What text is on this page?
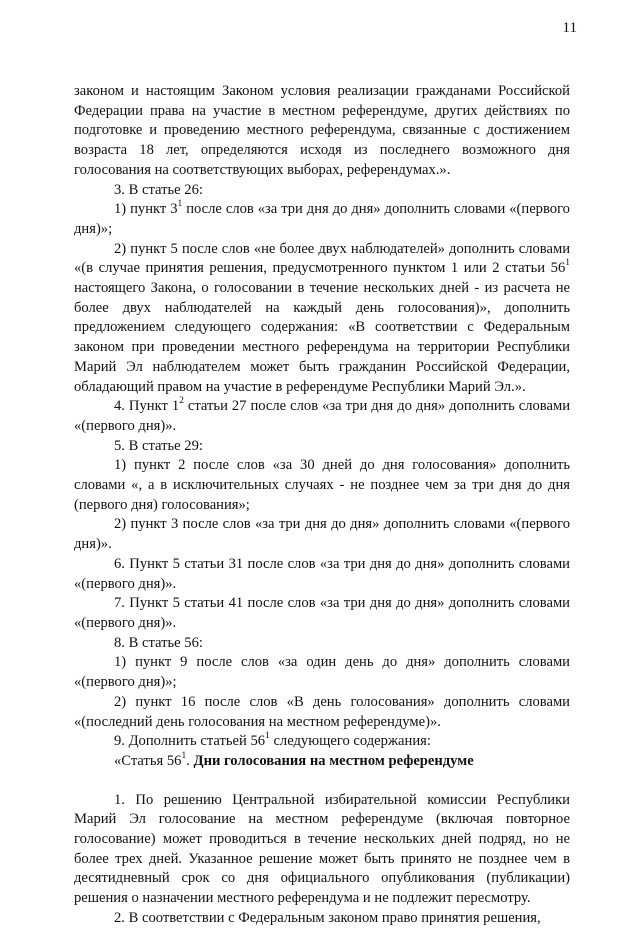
11

законом и настоящим Законом условия реализации гражданами Российской Федерации права на участие в местном референдуме, других действиях по подготовке и проведению местного референдума, связанные с достижением возраста 18 лет, определяются исходя из последнего возможного дня голосования на соответствующих выборах, референдумах.».

3. В статье 26:

1) пункт $3^1$ после слов «за три дня до дня» дополнить словами «(первого дня)»;

2) пункт 5 после слов «не более двух наблюдателей» дополнить словами «(в случае принятия решения, предусмотренного пунктом 1 или 2 статьи $56^1$ настоящего Закона, о голосовании в течение нескольких дней - из расчета не более двух наблюдателей на каждый день голосования)», дополнить предложением следующего содержания: «В соответствии с Федеральным законом при проведении местного референдума на территории Республики Марий Эл наблюдателем может быть гражданин Российской Федерации, обладающий правом на участие в референдуме Республики Марий Эл.».

4. Пункт $1^2$ статьи 27 после слов «за три дня до дня» дополнить словами «(первого дня)».

5. В статье 29:

1) пункт 2 после слов «за 30 дней до дня голосования» дополнить словами «, а в исключительных случаях - не позднее чем за три дня до дня (первого дня) голосования»;

2) пункт 3 после слов «за три дня до дня» дополнить словами «(первого дня)».

6. Пункт 5 статьи 31 после слов «за три дня до дня» дополнить словами «(первого дня)».

7. Пункт 5 статьи 41 после слов «за три дня до дня» дополнить словами «(первого дня)».

8. В статье 56:

1) пункт 9 после слов «за один день до дня» дополнить словами «(первого дня)»;

2) пункт 16 после слов «В день голосования» дополнить словами «(последний день голосования на местном референдуме)».

9. Дополнить статьей $56^1$ следующего содержания:

«Статья $56^1$. Дни голосования на местном референдуме

1. По решению Центральной избирательной комиссии Республики Марий Эл голосование на местном референдуме (включая повторное голосование) может проводиться в течение нескольких дней подряд, но не более трех дней. Указанное решение может быть принято не позднее чем в десятидневный срок со дня официального опубликования (публикации) решения о назначении местного референдума и не подлежит пересмотру.

2. В соответствии с Федеральным законом право принятия решения,
